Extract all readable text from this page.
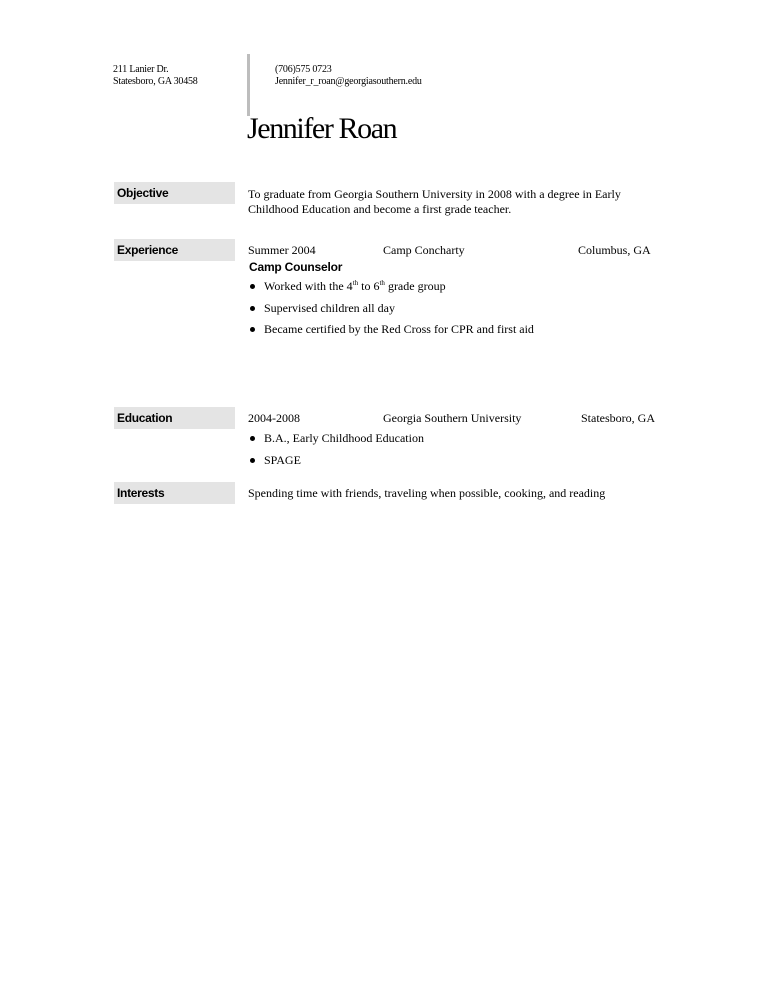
211 Lanier Dr.
Statesboro, GA 30458
(706)575 0723
Jennifer_r_roan@georgiasouthern.edu
Jennifer Roan
Objective	To graduate from Georgia Southern University in 2008 with a degree in Early Childhood Education and become a first grade teacher.
Experience	Summer 2004	Camp Concharty	Columbus, GA
Camp Counselor
Worked with the 4th to 6th grade group
Supervised children all day
Became certified by the Red Cross for CPR and first aid
Education	2004-2008	Georgia Southern University	Statesboro, GA
B.A., Early Childhood Education
SPAGE
Interests	Spending time with friends, traveling when possible, cooking, and reading
